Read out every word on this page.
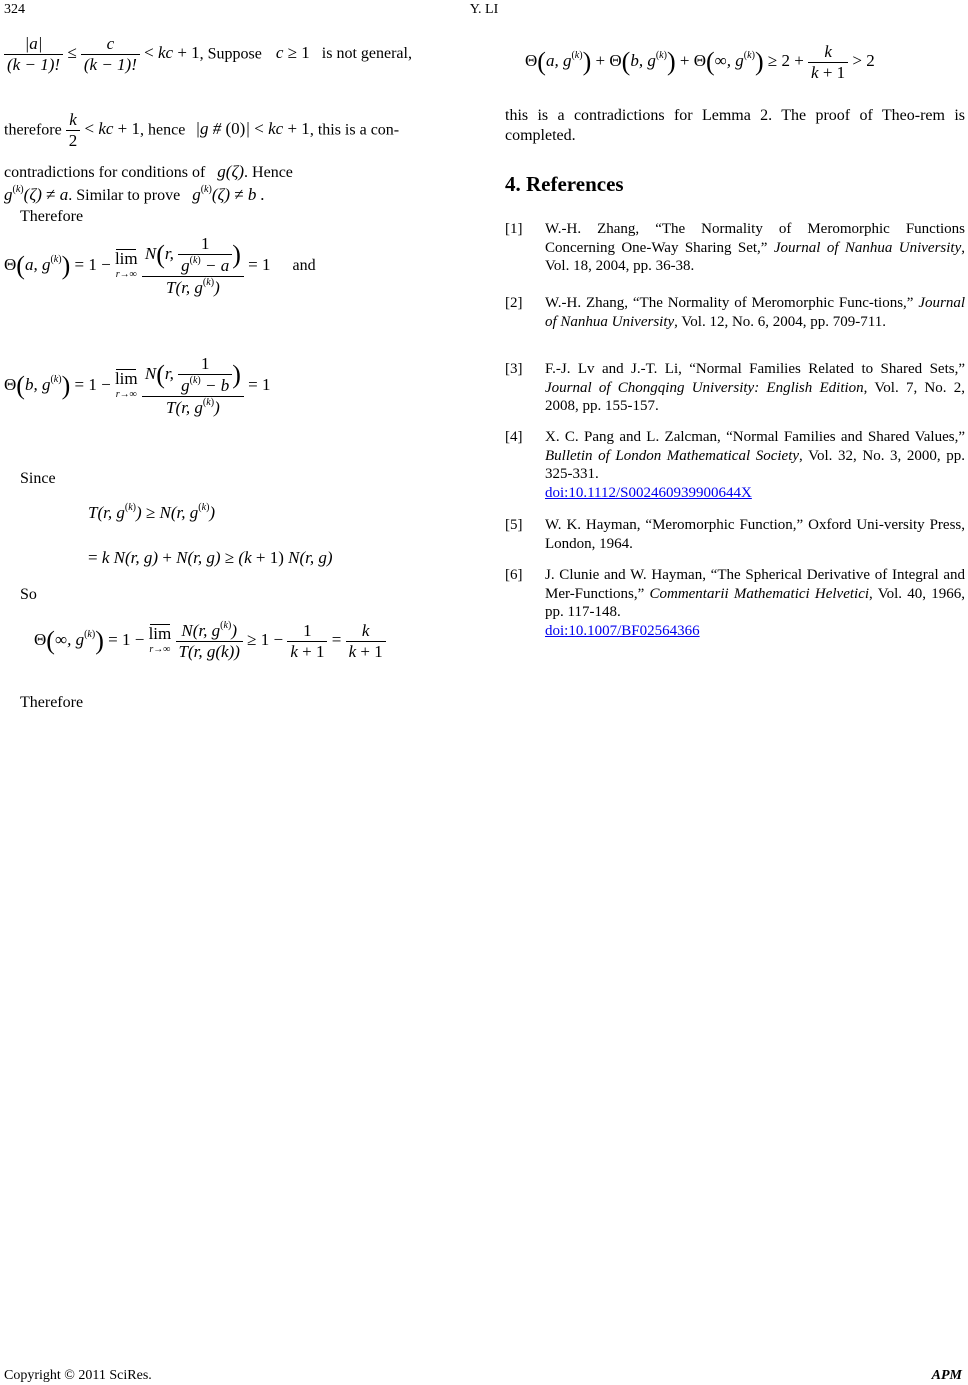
324	Y. LI
$\frac{|a|}{(k - 1)!} \le \frac{c}{(k - 1)!}$ < kc + 1, Suppose c ≥ 1 is not general,
therefore $\frac{k}{2}$ < kc + 1, hence |g # (0)| < kc + 1, this is a con-
contradictions for conditions of g(ζ). Hence
$g^{(k)}(\zeta) \ne a$. Similar to prove $g^{(k)}(\zeta) \ne b$ .
Therefore
Θ(a, $g^{(k)}) = 1 - \lim$
r→∞
$\frac{N(r, \frac{1}{g^{(k)} - a} )}{T(r, g^{(k)})} = 1$ and
Θ(b, $g^{(k)}) = 1 - \lim$
r→∞
$\frac{N(r, \frac{1}{g^{(k)} - b} )}{T(r, g^{(k)})} = 1$
Since
T(r, $g^{(k)}) \ge N(r$, $g^{(k)}$)
= k N(r, g) + N(r, g) ≥ (k + 1) N(r, g)
So
Θ(∞, $g^{(k)}) = 1 - \lim$
r→∞
$\frac{N(r, g^{(k)})}{T(r, g(k))} \ge 1 - \frac{1}{k + 1} = \frac{k}{k + 1}$
Therefore
Θ(a, $g^{(k)}) + \Theta(b$, $g^{(k)}) + \Theta(\infty$, $g^{(k)}) \ge 2 + \frac{k}{k + 1} > 2$

this is a contradictions for Lemma 2. The proof of Theo-rem is completed.

4. References
[1] W.-H. Zhang, “The Normality of Meromorphic Functions Concerning One-Way Sharing Set,” Journal of Nanhua University, Vol. 18, 2004, pp. 36-38.
[2] W.-H. Zhang, “The Normality of Meromorphic Func-tions,” Journal of Nanhua University, Vol. 12, No. 6, 2004, pp. 709-711.
[3] F.-J. Lv and J.-T. Li, “Normal Families Related to Shared Sets,” Journal of Chongqing University: English Edition, Vol. 7, No. 2, 2008, pp. 155-157.
[4] X. C. Pang and L. Zalcman, “Normal Families and Shared Values,” Bulletin of London Mathematical Society, Vol. 32, No. 3, 2000, pp. 325-331.
doi:10.1112/S002460939900644X
[5] W. K. Hayman, “Meromorphic Function,” Oxford Uni-versity Press, London, 1964.
[6] J. Clunie and W. Hayman, “The Spherical Derivative of Integral and Mer-Functions,” Commentarii Mathematici Helvetici, Vol. 40, 1966, pp. 117-148.
doi:10.1007/BF02564366
Copyright © 2011 SciRes.	APM
